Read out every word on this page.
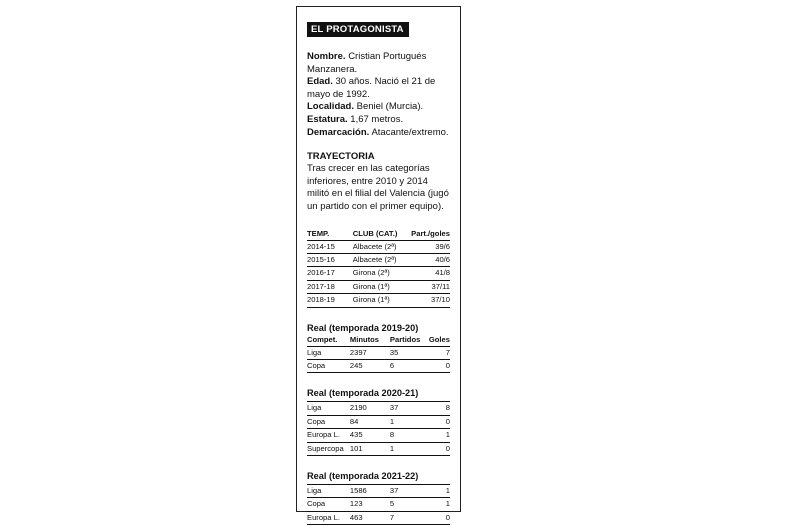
EL PROTAGONISTA
Nombre. Cristian Portugués Manzanera.
Edad. 30 años. Nació el 21 de mayo de 1992.
Localidad. Beniel (Murcia).
Estatura. 1,67 metros.
Demarcación. Atacante/extremo.
TRAYECTORIA
Tras crecer en las categorías inferiores, entre 2010 y 2014 militó en el filial del Valencia (jugó un partido con el primer equipo).
TEMP.	CLUB (CAT.)	Part./goles
2014-15	Albacete (2ª)	39/6
2015-16	Albacete (2ª)	40/6
2016-17	Girona (2ª)	41/8
2017-18	Girona (1ª)	37/11
2018-19	Girona (1ª)	37/10
Real (temporada 2019-20)
Compet.	Minutos	Partidos	Goles
Liga	2397	35	7
Copa	245	6	0
Real (temporada 2020-21)
Liga	2190	37	8
Copa	84	1	0
Europa L.	435	8	1
Supercopa	101	1	0
Real (temporada 2021-22)
Liga	1586	37	1
Copa	123	5	1
Europa L.	463	7	0
